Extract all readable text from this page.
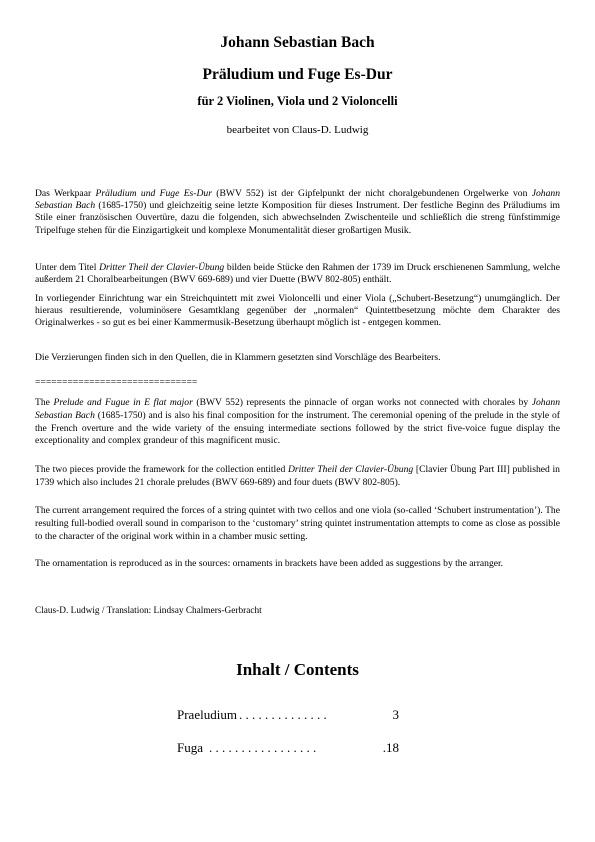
Johann Sebastian Bach
Präludium und Fuge Es-Dur
für 2 Violinen, Viola und 2 Violoncelli
bearbeitet von Claus-D. Ludwig

Das Werkpaar Präludium und Fuge Es-Dur (BWV 552) ist der Gipfelpunkt der nicht choralgebundenen Orgelwerke von Johann Sebastian Bach (1685-1750) und gleichzeitig seine letzte Komposition für dieses Instrument. Der festliche Beginn des Präludiums im Stile einer französischen Ouvertüre, dazu die folgenden, sich abwechselnden Zwischenteile und schließlich die streng fünfstimmige Tripelfuge stehen für die Einzigartigkeit und komplexe Monumentalität dieser großartigen Musik.

Unter dem Titel Dritter Theil der Clavier-Übung bilden beide Stücke den Rahmen der 1739 im Druck erschienenen Sammlung, welche außerdem 21 Choralbearbeitungen (BWV 669-689) und vier Duette (BWV 802-805) enthält.

In vorliegender Einrichtung war ein Streichquintett mit zwei Violoncelli und einer Viola („Schubert-Besetzung“) unumgänglich. Der hieraus resultierende, voluminösere Gesamtklang gegenüber der „normalen“ Quintettbesetzung möchte dem Charakter des Originalwerkes - so gut es bei einer Kammermusik-Besetzung überhaupt möglich ist - entgegen kommen.

Die Verzierungen finden sich in den Quellen, die in Klammern gesetzten sind Vorschläge des Bearbeiters.

==============================

The Prelude and Fugue in E flat major (BWV 552) represents the pinnacle of organ works not connected with chorales by Johann Sebastian Bach (1685-1750) and is also his final composition for the instrument. The ceremonial opening of the prelude in the style of the French overture and the wide variety of the ensuing intermediate sections followed by the strict five-voice fugue display the exceptionality and complex grandeur of this magnificent music.

The two pieces provide the framework for the collection entitled Dritter Theil der Clavier-Übung [Clavier Übung Part III] published in 1739 which also includes 21 chorale preludes (BWV 669-689) and four duets (BWV 802-805).

The current arrangement required the forces of a string quintet with two cellos and one viola (so-called ‘Schubert instrumentation’). The resulting full-bodied overall sound in comparison to the ‘customary’ string quintet instrumentation attempts to come as close as possible to the character of the original work within in a chamber music setting.

The ornamentation is reproduced as in the sources: ornaments in brackets have been added as suggestions by the arranger.

Claus-D. Ludwig / Translation: Lindsay Chalmers-Gerbracht
Inhalt / Contents
Praeludium . . . . . . . . . . . . . .	3
Fuga . . . . . . . . . . . . . . . . .	.18
